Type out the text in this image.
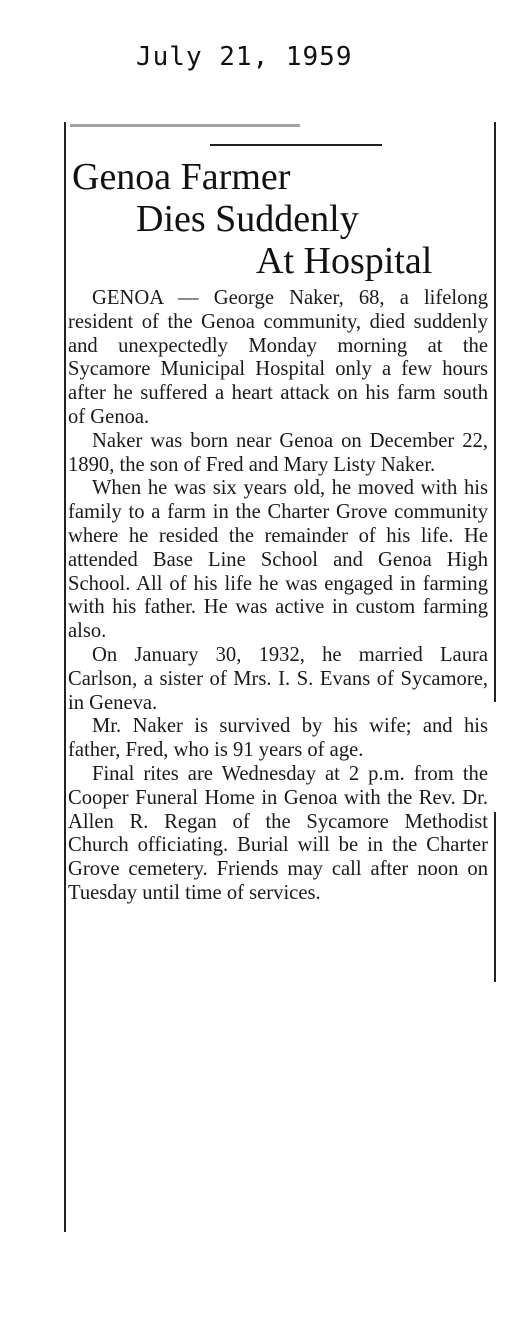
July 21, 1959
Genoa Farmer
Dies Suddenly
At Hospital

GENOA — George Naker, 68, a lifelong resident of the Genoa community, died suddenly and unexpectedly Monday morning at the Sycamore Municipal Hospital only a few hours after he suffered a heart attack on his farm south of Genoa.

Naker was born near Genoa on December 22, 1890, the son of Fred and Mary Listy Naker.

When he was six years old, he moved with his family to a farm in the Charter Grove community where he resided the remainder of his life. He attended Base Line School and Genoa High School. All of his life he was engaged in farming with his father. He was active in custom farming also.

On January 30, 1932, he married Laura Carlson, a sister of Mrs. I. S. Evans of Sycamore, in Geneva.

Mr. Naker is survived by his wife; and his father, Fred, who is 91 years of age.

Final rites are Wednesday at 2 p.m. from the Cooper Funeral Home in Genoa with the Rev. Dr. Allen R. Regan of the Sycamore Methodist Church officiating. Burial will be in the Charter Grove cemetery. Friends may call after noon on Tuesday until time of services.
